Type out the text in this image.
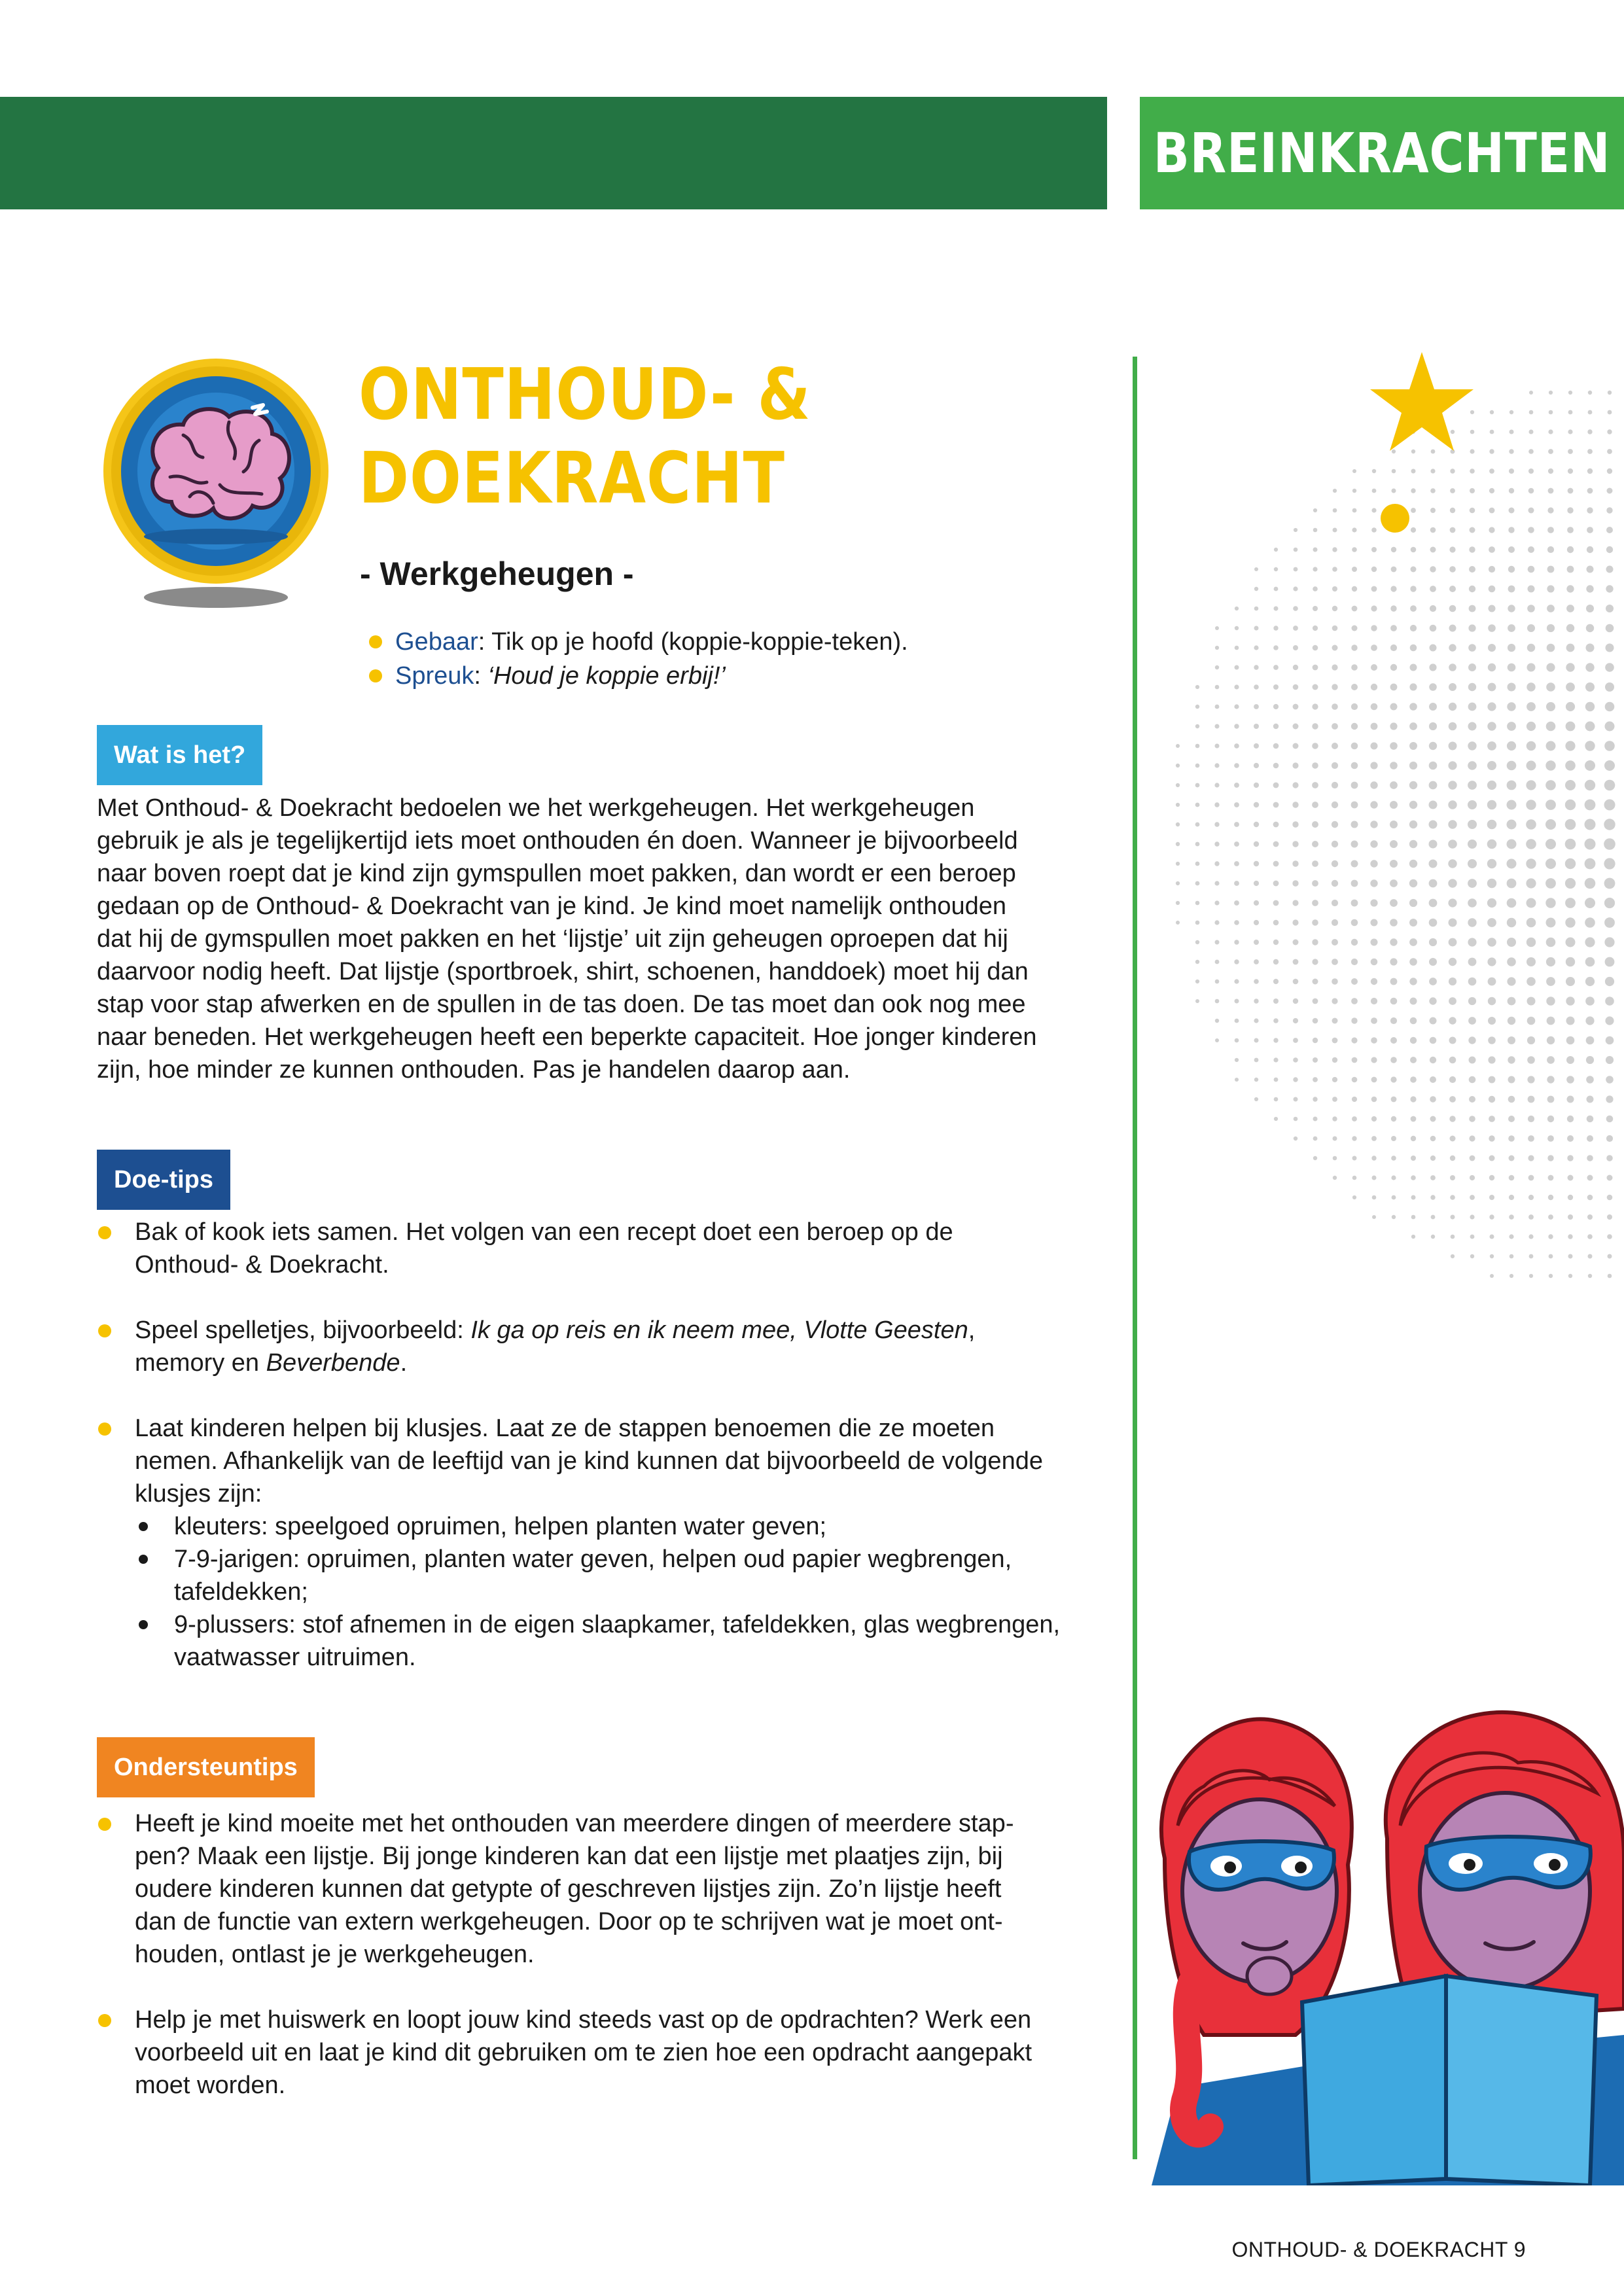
BREINKRACHTEN
ONTHOUD- &
DOEKRACHT
- Werkgeheugen -
Gebaar : Tik op je hoofd (koppie-koppie-teken).
Spreuk : ‘Houd je koppie erbij!’
Wat is het?
Met Onthoud- & Doekracht bedoelen we het werkgeheugen. Het werkgeheugen
gebruik je als je tegelijkertijd iets moet onthouden én doen. Wanneer je bijvoorbeeld
naar boven roept dat je kind zijn gymspullen moet pakken, dan wordt er een beroep
gedaan op de Onthoud- & Doekracht van je kind. Je kind moet namelijk onthouden
dat hij de gymspullen moet pakken en het ‘lijstje’ uit zijn geheugen oproepen dat hij
daarvoor nodig heeft. Dat lijstje (sportbroek, shirt, schoenen, handdoek) moet hij dan
stap voor stap afwerken en de spullen in de tas doen. De tas moet dan ook nog mee
naar beneden. Het werkgeheugen heeft een beperkte capaciteit. Hoe jonger kinderen
zijn, hoe minder ze kunnen onthouden. Pas je handelen daarop aan.
Doe-tips
Bak of kook iets samen. Het volgen van een recept doet een beroep op de
Onthoud- & Doekracht.
Speel spelletjes, bijvoorbeeld: Ik ga op reis en ik neem mee, Vlotte Geesten,
memory en Beverbende.
Laat kinderen helpen bij klusjes. Laat ze de stappen benoemen die ze moeten
nemen. Afhankelijk van de leeftijd van je kind kunnen dat bijvoorbeeld de volgende
klusjes zijn:
kleuters: speelgoed opruimen, helpen planten water geven;
7-9-jarigen: opruimen, planten water geven, helpen oud papier wegbrengen,
tafeldekken;
9-plussers: stof afnemen in de eigen slaapkamer, tafeldekken, glas wegbrengen,
vaatwasser uitruimen.
Ondersteuntips
Heeft je kind moeite met het onthouden van meerdere dingen of meerdere stap-
pen? Maak een lijstje. Bij jonge kinderen kan dat een lijstje met plaatjes zijn, bij
oudere kinderen kunnen dat getypte of geschreven lijstjes zijn. Zo’n lijstje heeft
dan de functie van extern werkgeheugen. Door op te schrijven wat je moet ont-
houden, ontlast je je werkgeheugen.
Help je met huiswerk en loopt jouw kind steeds vast op de opdrachten? Werk een
voorbeeld uit en laat je kind dit gebruiken om te zien hoe een opdracht aangepakt
moet worden.
ONTHOUD- & DOEKRACHT 9
